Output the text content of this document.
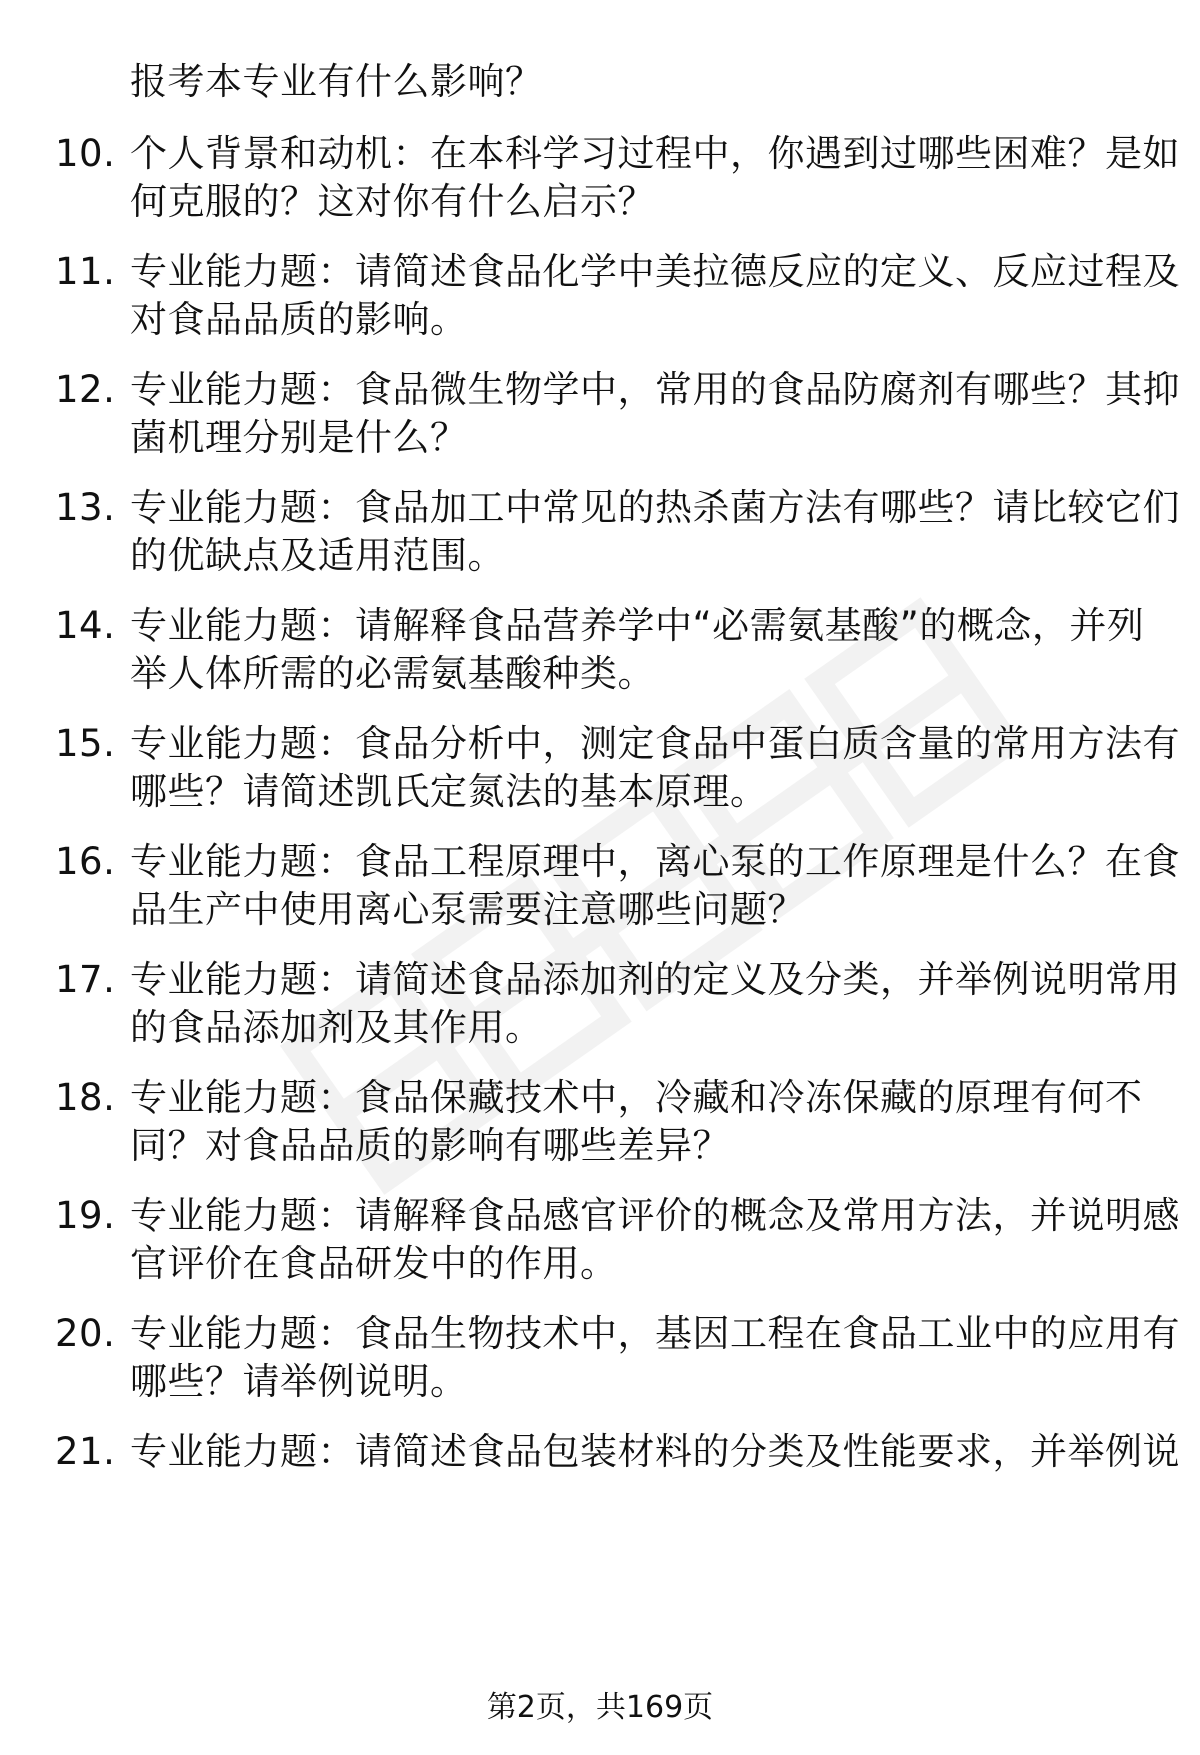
报考本专业有什么影响？
10. 个人背景和动机：在本科学习过程中，你遇到过哪些困难？是如
何克服的？这对你有什么启示？
11. 专业能力题：请简述食品化学中美拉德反应的定义、反应过程及
对食品品质的影响。
12. 专业能力题：食品微生物学中，常用的食品防腐剂有哪些？其抑
菌机理分别是什么？
13. 专业能力题：食品加工中常见的热杀菌方法有哪些？请比较它们
的优缺点及适用范围。
14. 专业能力题：请解释食品营养学中“必需氨基酸”的概念，并列
举人体所需的必需氨基酸种类。
15. 专业能力题：食品分析中，测定食品中蛋白质含量的常用方法有
哪些？请简述凯氏定氮法的基本原理。
16. 专业能力题：食品工程原理中，离心泵的工作原理是什么？在食
品生产中使用离心泵需要注意哪些问题？
17. 专业能力题：请简述食品添加剂的定义及分类，并举例说明常用
的食品添加剂及其作用。
18. 专业能力题：食品保藏技术中，冷藏和冷冻保藏的原理有何不
同？对食品品质的影响有哪些差异？
19. 专业能力题：请解释食品感官评价的概念及常用方法，并说明感
官评价在食品研发中的作用。
20. 专业能力题：食品生物技术中，基因工程在食品工业中的应用有
哪些？请举例说明。
21. 专业能力题：请简述食品包装材料的分类及性能要求，并举例说
第2页，共169页
